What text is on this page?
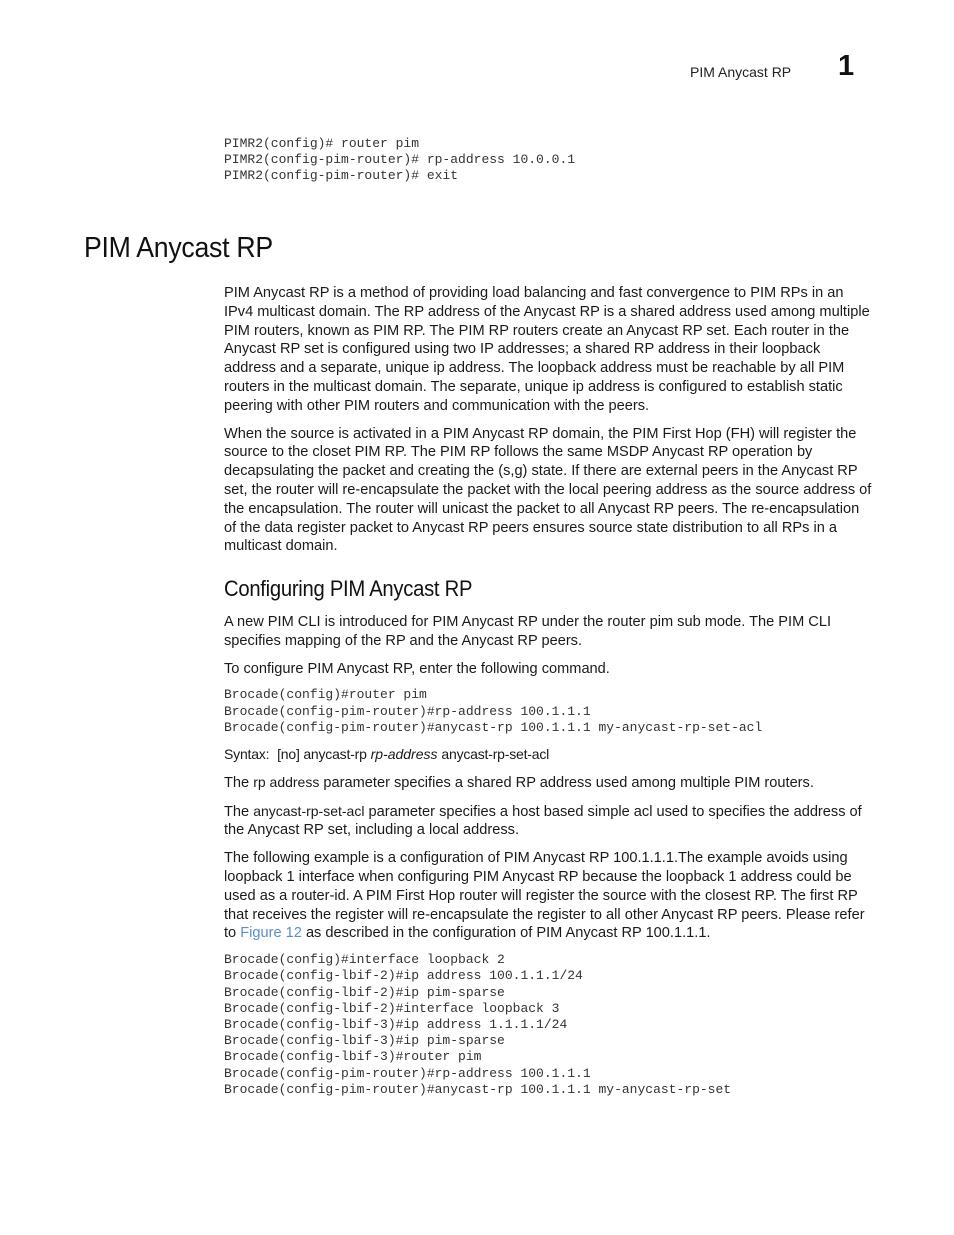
PIM Anycast RP 1
PIMR2(config)# router pim
PIMR2(config-pim-router)# rp-address 10.0.0.1
PIMR2(config-pim-router)# exit
PIM Anycast RP

PIM Anycast RP is a method of providing load balancing and fast convergence to PIM RPs in an IPv4 multicast domain. The RP address of the Anycast RP is a shared address used among multiple PIM routers, known as PIM RP. The PIM RP routers create an Anycast RP set. Each router in the Anycast RP set is configured using two IP addresses; a shared RP address in their loopback address and a separate, unique ip address. The loopback address must be reachable by all PIM routers in the multicast domain. The separate, unique ip address is configured to establish static peering with other PIM routers and communication with the peers.

When the source is activated in a PIM Anycast RP domain, the PIM First Hop (FH) will register the source to the closet PIM RP. The PIM RP follows the same MSDP Anycast RP operation by decapsulating the packet and creating the (s,g) state. If there are external peers in the Anycast RP set, the router will re-encapsulate the packet with the local peering address as the source address of the encapsulation. The router will unicast the packet to all Anycast RP peers. The re-encapsulation of the data register packet to Anycast RP peers ensures source state distribution to all RPs in a multicast domain.

Configuring PIM Anycast RP

A new PIM CLI is introduced for PIM Anycast RP under the router pim sub mode. The PIM CLI specifies mapping of the RP and the Anycast RP peers.

To configure PIM Anycast RP, enter the following command.

Brocade(config)#router pim
Brocade(config-pim-router)#rp-address 100.1.1.1
Brocade(config-pim-router)#anycast-rp 100.1.1.1 my-anycast-rp-set-acl

Syntax: [no] anycast-rp rp-address anycast-rp-set-acl

The rp address parameter specifies a shared RP address used among multiple PIM routers.

The anycast-rp-set-acl parameter specifies a host based simple acl used to specifies the address of the Anycast RP set, including a local address.

The following example is a configuration of PIM Anycast RP 100.1.1.1.The example avoids using loopback 1 interface when configuring PIM Anycast RP because the loopback 1 address could be used as a router-id. A PIM First Hop router will register the source with the closest RP. The first RP that receives the register will re-encapsulate the register to all other Anycast RP peers. Please refer to Figure 12 as described in the configuration of PIM Anycast RP 100.1.1.1.

Brocade(config)#interface loopback 2
Brocade(config-lbif-2)#ip address 100.1.1.1/24
Brocade(config-lbif-2)#ip pim-sparse
Brocade(config-lbif-2)#interface loopback 3
Brocade(config-lbif-3)#ip address 1.1.1.1/24
Brocade(config-lbif-3)#ip pim-sparse
Brocade(config-lbif-3)#router pim
Brocade(config-pim-router)#rp-address 100.1.1.1
Brocade(config-pim-router)#anycast-rp 100.1.1.1 my-anycast-rp-set
